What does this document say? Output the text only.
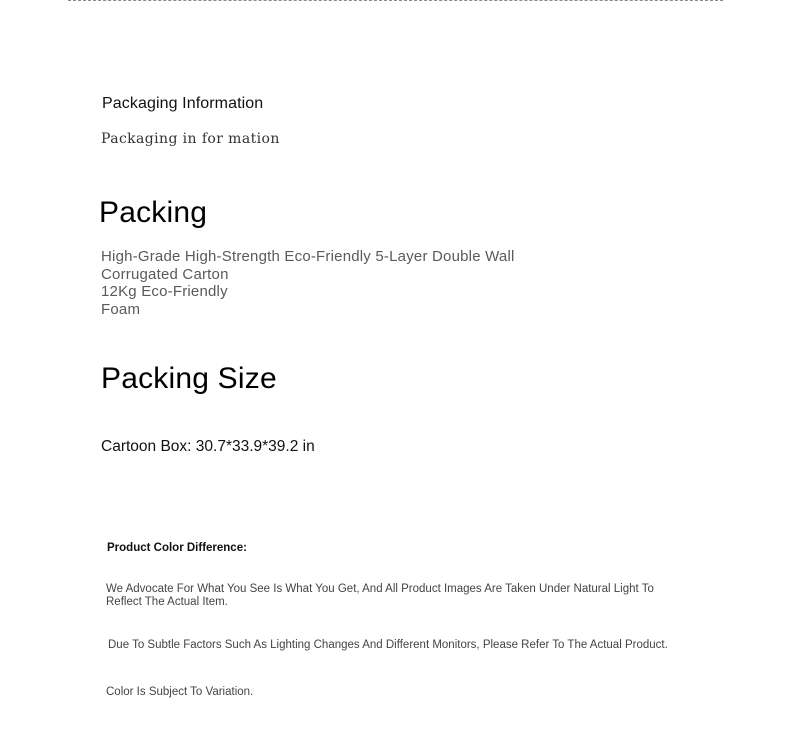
Packaging Information
Packaging in for mation
Packing
High-Grade High-Strength Eco-Friendly 5-Layer Double Wall
Corrugated Carton
12Kg Eco-Friendly
Foam
Packing Size
Cartoon Box: 30.7*33.9*39.2 in
Product Color Difference:
We Advocate For What You See Is What You Get, And All Product Images Are Taken Under Natural Light To Reflect The Actual Item.
Due To Subtle Factors Such As Lighting Changes And Different Monitors, Please Refer To The Actual Product.
Color Is Subject To Variation.
